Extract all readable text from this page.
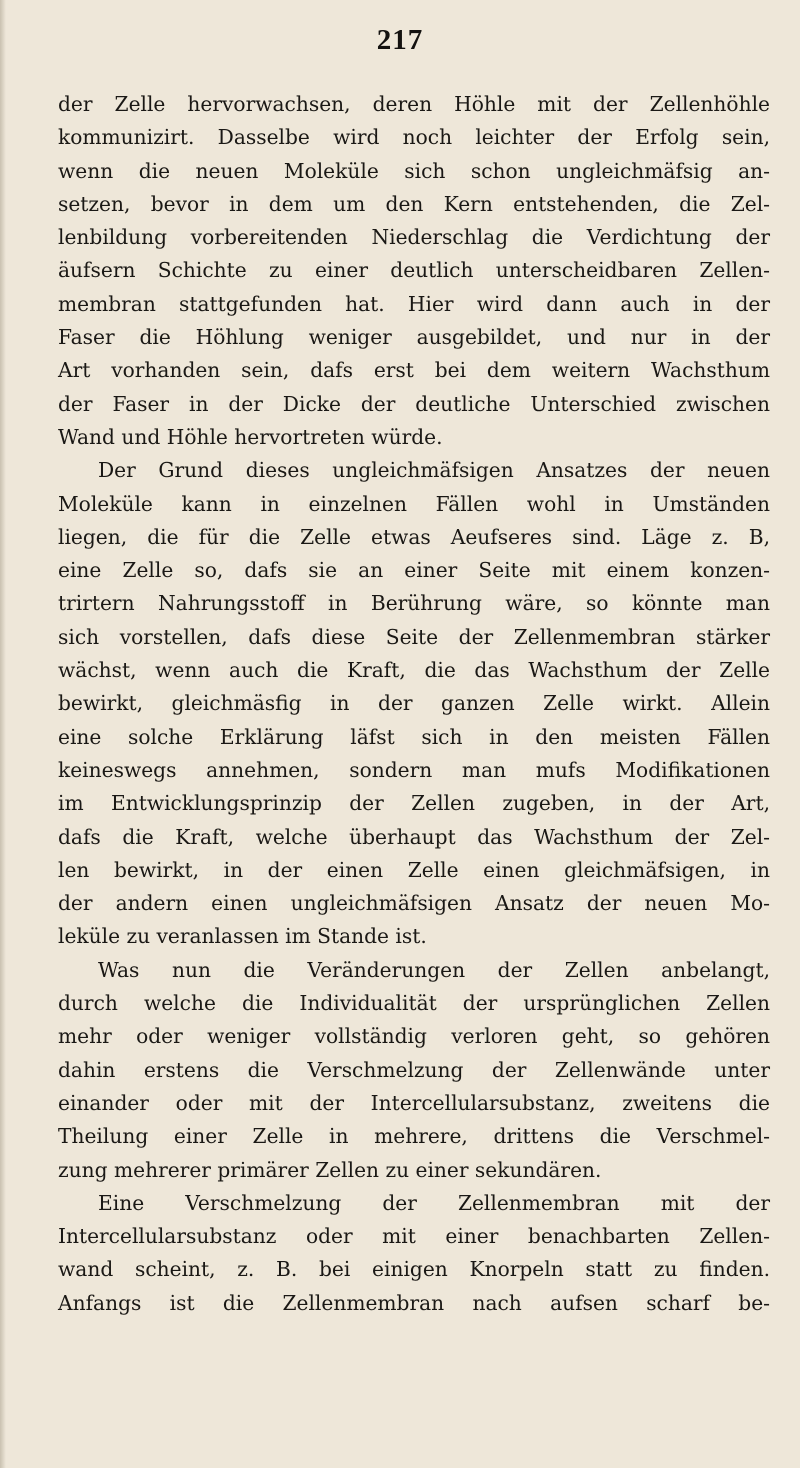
217
der Zelle hervorwachsen, deren Höhle mit der Zellenhöhle
kommunizirt. Dasselbe wird noch leichter der Erfolg sein,
wenn die neuen Moleküle sich schon ungleichmäfsig an-
setzen, bevor in dem um den Kern entstehenden, die Zel-
lenbildung vorbereitenden Niederschlag die Verdichtung der
äufsern Schichte zu einer deutlich unterscheidbaren Zellen-
membran stattgefunden hat. Hier wird dann auch in der
Faser die Höhlung weniger ausgebildet, und nur in der
Art vorhanden sein, dafs erst bei dem weitern Wachsthum
der Faser in der Dicke der deutliche Unterschied zwischen
Wand und Höhle hervortreten würde.
Der Grund dieses ungleichmäfsigen Ansatzes der neuen
Moleküle kann in einzelnen Fällen wohl in Umständen
liegen, die für die Zelle etwas Aeufseres sind. Läge z. B,
eine Zelle so, dafs sie an einer Seite mit einem konzen-
trirtern Nahrungsstoff in Berührung wäre, so könnte man
sich vorstellen, dafs diese Seite der Zellenmembran stärker
wächst, wenn auch die Kraft, die das Wachsthum der Zelle
bewirkt, gleichmäsfig in der ganzen Zelle wirkt. Allein
eine solche Erklärung läfst sich in den meisten Fällen
keineswegs annehmen, sondern man mufs Modifikationen
im Entwicklungsprinzip der Zellen zugeben, in der Art,
dafs die Kraft, welche überhaupt das Wachsthum der Zel-
len bewirkt, in der einen Zelle einen gleichmäfsigen, in
der andern einen ungleichmäfsigen Ansatz der neuen Mo-
leküle zu veranlassen im Stande ist.
Was nun die Veränderungen der Zellen anbelangt,
durch welche die Individualität der ursprünglichen Zellen
mehr oder weniger vollständig verloren geht, so gehören
dahin erstens die Verschmelzung der Zellenwände unter
einander oder mit der Intercellularsubstanz, zweitens die
Theilung einer Zelle in mehrere, drittens die Verschmel-
zung mehrerer primärer Zellen zu einer sekundären.
Eine Verschmelzung der Zellenmembran mit der
Intercellularsubstanz oder mit einer benachbarten Zellen-
wand scheint, z. B. bei einigen Knorpeln statt zu finden.
Anfangs ist die Zellenmembran nach aufsen scharf be-
